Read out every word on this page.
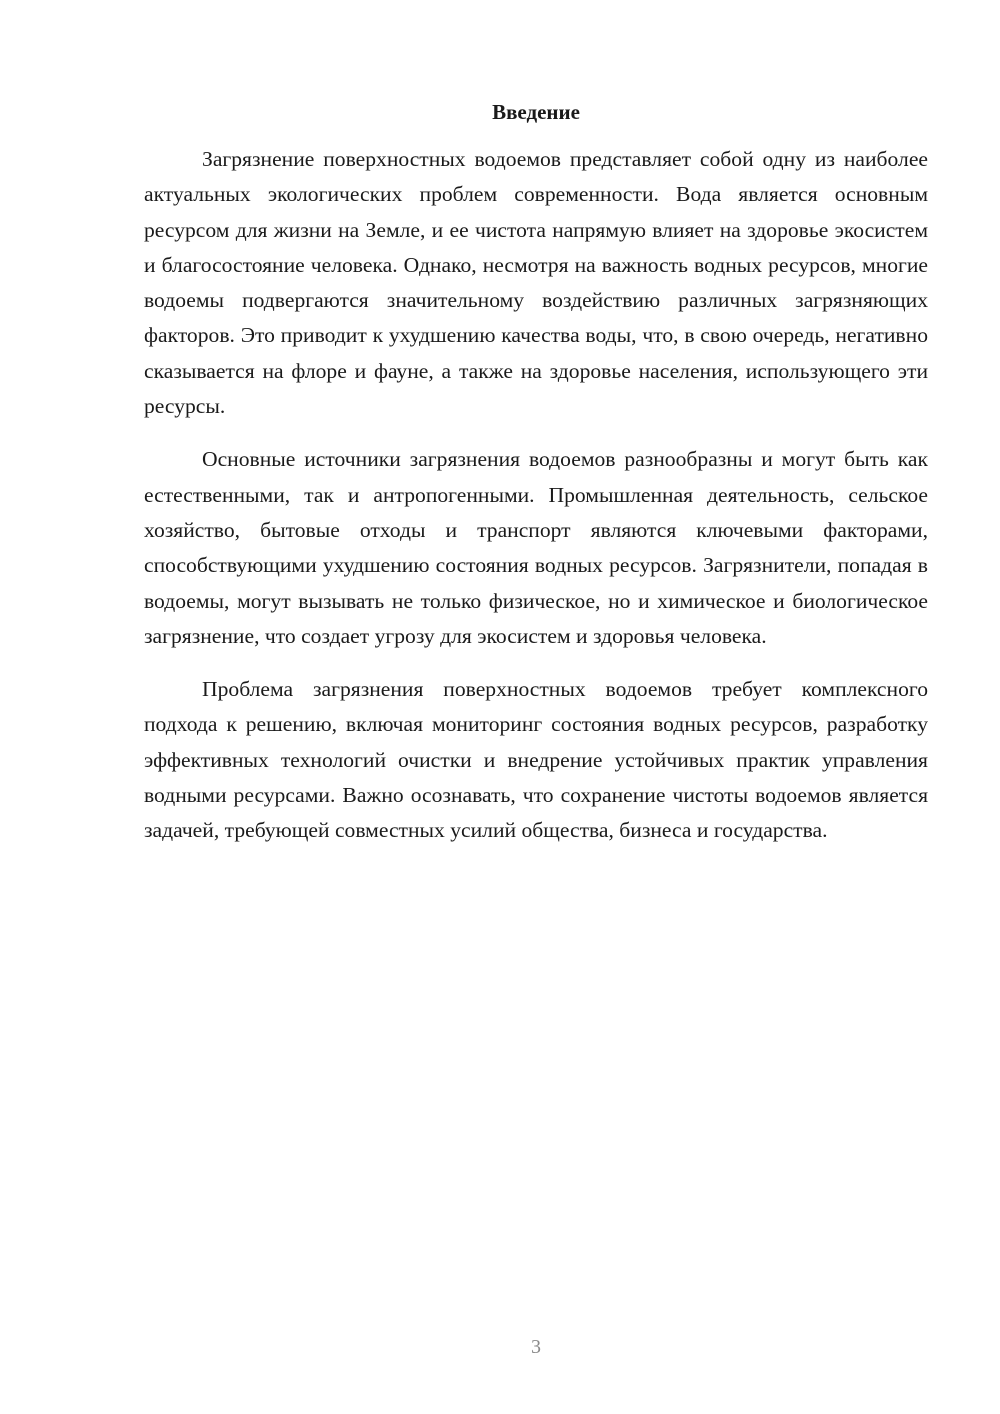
Введение

Загрязнение поверхностных водоемов представляет собой одну из наиболее актуальных экологических проблем современности. Вода является основным ресурсом для жизни на Земле, и ее чистота напрямую влияет на здоровье экосистем и благосостояние человека. Однако, несмотря на важность водных ресурсов, многие водоемы подвергаются значительному воздействию различных загрязняющих факторов. Это приводит к ухудшению качества воды, что, в свою очередь, негативно сказывается на флоре и фауне, а также на здоровье населения, использующего эти ресурсы.

Основные источники загрязнения водоемов разнообразны и могут быть как естественными, так и антропогенными. Промышленная деятельность, сельское хозяйство, бытовые отходы и транспорт являются ключевыми факторами, способствующими ухудшению состояния водных ресурсов. Загрязнители, попадая в водоемы, могут вызывать не только физическое, но и химическое и биологическое загрязнение, что создает угрозу для экосистем и здоровья человека.

Проблема загрязнения поверхностных водоемов требует комплексного подхода к решению, включая мониторинг состояния водных ресурсов, разработку эффективных технологий очистки и внедрение устойчивых практик управления водными ресурсами. Важно осознавать, что сохранение чистоты водоемов является задачей, требующей совместных усилий общества, бизнеса и государства.

3
